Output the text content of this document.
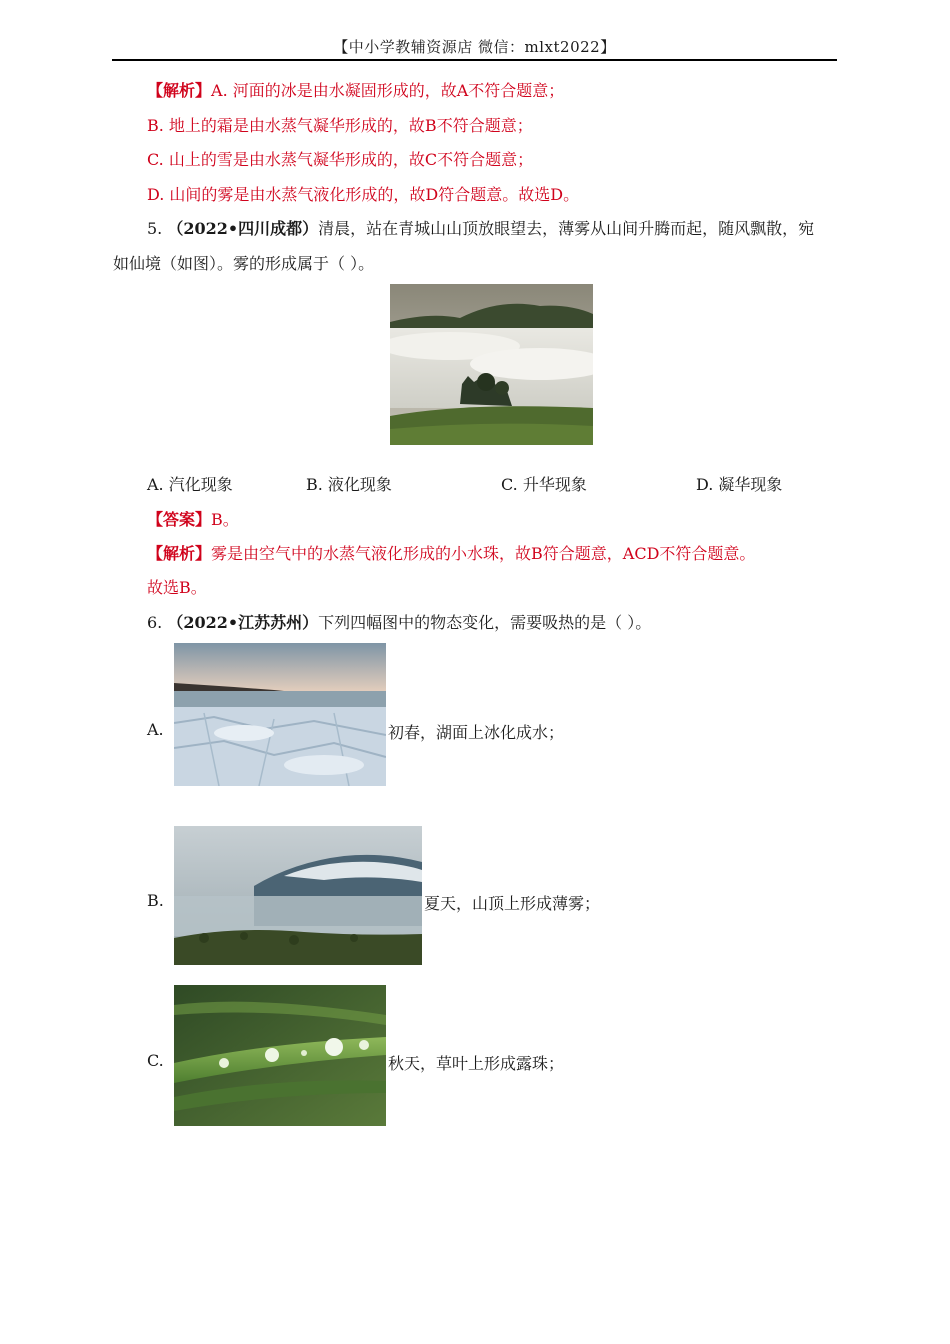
【中小学教辅资源店 微信：mlxt2022】
【解析】A. 河面的冰是由水凝固形成的，故A不符合题意；
B. 地上的霜是由水蒸气凝华形成的，故B不符合题意；
C. 山上的雪是由水蒸气凝华形成的，故C不符合题意；
D. 山间的雾是由水蒸气液化形成的，故D符合题意。故选D。
5. （2022•四川成都）清晨，站在青城山山顶放眼望去，薄雾从山间升腾而起，随风飘散，宛
如仙境（如图）。雾的形成属于（ ）。
A. 汽化现象	B. 液化现象	C. 升华现象	D. 凝华现象
【答案】B。
【解析】雾是由空气中的水蒸气液化形成的小水珠，故B符合题意，ACD不符合题意。
故选B。
6. （2022•江苏苏州）下列四幅图中的物态变化，需要吸热的是（ ）。
A.	初春，湖面上冰化成水；
B.	夏天，山顶上形成薄雾；
C.	秋天，草叶上形成露珠；
